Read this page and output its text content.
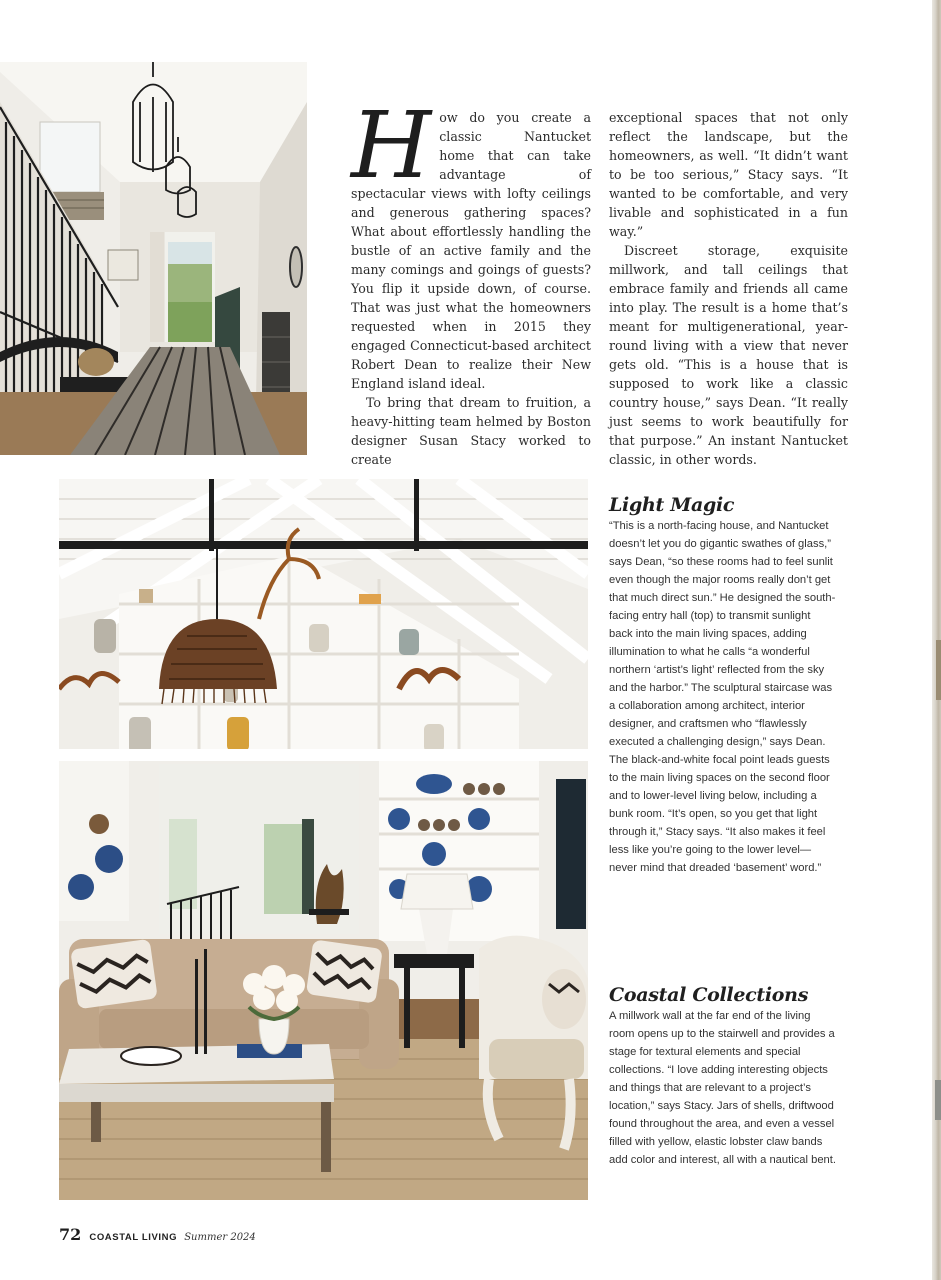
How do you create a classic Nantucket home that can take advantage of spectacular views with lofty ceilings and generous gathering spaces? What about effortlessly handling the bustle of an active family and the many comings and goings of guests? You flip it upside down, of course. That was just what the homeowners requested when in 2015 they engaged Connecticut-based architect Robert Dean to realize their New England island ideal.

To bring that dream to fruition, a heavy-hitting team helmed by Boston designer Susan Stacy worked to create

exceptional spaces that not only reflect the landscape, but the homeowners, as well. “It didn’t want to be too serious,” Stacy says. “It wanted to be comfortable, and very livable and sophisticated in a fun way.”

Discreet storage, exquisite millwork, and tall ceilings that embrace family and friends all came into play. The result is a home that’s meant for multigenerational, year-round living with a view that never gets old. “This is a house that is supposed to work like a classic country house,” says Dean. “It really just seems to work beautifully for that purpose.” An instant Nantucket classic, in other words.

Light Magic

“This is a north-facing house, and Nantucket doesn’t let you do gigantic swathes of glass,” says Dean, “so these rooms had to feel sunlit even though the major rooms really don’t get that much direct sun.” He designed the south-facing entry hall (top) to transmit sunlight back into the main living spaces, adding illumination to what he calls “a wonderful northern ‘artist’s light’ reflected from the sky and the harbor.” The sculptural staircase was a collaboration among architect, interior designer, and craftsmen who “flawlessly executed a challenging design,” says Dean. The black-and-white focal point leads guests to the main living spaces on the second floor and to lower-level living below, including a bunk room. “It’s open, so you get that light through it,” Stacy says. “It also makes it feel less like you’re going to the lower level—never mind that dreaded ‘basement’ word.”

Coastal Collections

A millwork wall at the far end of the living room opens up to the stairwell and provides a stage for textural elements and special collections. “I love adding interesting objects and things that are relevant to a project’s location,” says Stacy. Jars of shells, driftwood found throughout the area, and even a vessel filled with yellow, elastic lobster claw bands add color and interest, all with a nautical bent.

72 COASTAL LIVING Summer 2024
